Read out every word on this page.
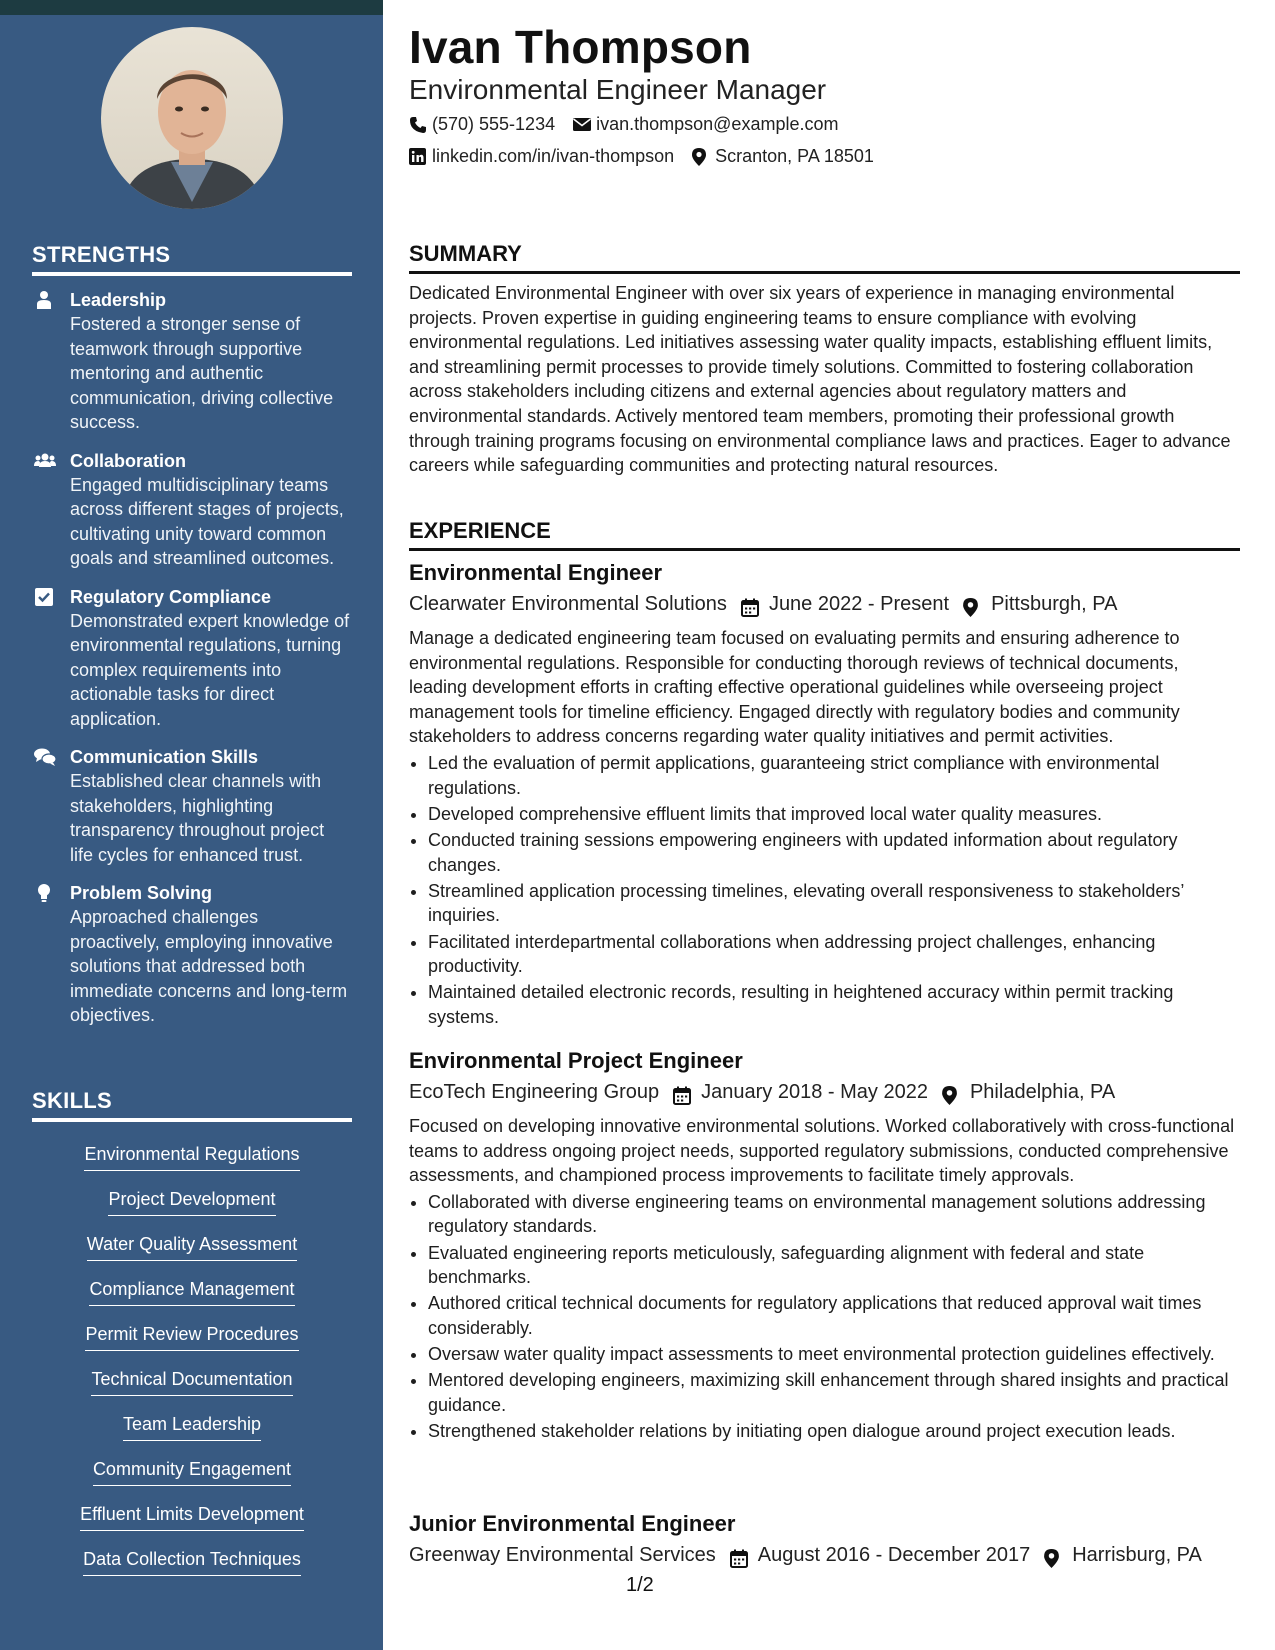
STRENGTHS
Leadership
Fostered a stronger sense of teamwork through supportive mentoring and authentic communication, driving collective success.
Collaboration
Engaged multidisciplinary teams across different stages of projects, cultivating unity toward common goals and streamlined outcomes.
Regulatory Compliance
Demonstrated expert knowledge of environmental regulations, turning complex requirements into actionable tasks for direct application.
Communication Skills
Established clear channels with stakeholders, highlighting transparency throughout project life cycles for enhanced trust.
Problem Solving
Approached challenges proactively, employing innovative solutions that addressed both immediate concerns and long-term objectives.
SKILLS
Environmental Regulations
Project Development
Water Quality Assessment
Compliance Management
Permit Review Procedures
Technical Documentation
Team Leadership
Community Engagement
Effluent Limits Development
Data Collection Techniques
Ivan Thompson
Environmental Engineer Manager
(570) 555-1234 ivan.thompson@example.com
linkedin.com/in/ivan-thompson Scranton, PA 18501
SUMMARY
Dedicated Environmental Engineer with over six years of experience in managing environmental projects. Proven expertise in guiding engineering teams to ensure compliance with evolving environmental regulations. Led initiatives assessing water quality impacts, establishing effluent limits, and streamlining permit processes to provide timely solutions. Committed to fostering collaboration across stakeholders including citizens and external agencies about regulatory matters and environmental standards. Actively mentored team members, promoting their professional growth through training programs focusing on environmental compliance laws and practices. Eager to advance careers while safeguarding communities and protecting natural resources.
EXPERIENCE
Environmental Engineer
Clearwater Environmental Solutions June 2022 - Present Pittsburgh, PA
Manage a dedicated engineering team focused on evaluating permits and ensuring adherence to environmental regulations. Responsible for conducting thorough reviews of technical documents, leading development efforts in crafting effective operational guidelines while overseeing project management tools for timeline efficiency. Engaged directly with regulatory bodies and community stakeholders to address concerns regarding water quality initiatives and permit activities.
• Led the evaluation of permit applications, guaranteeing strict compliance with environmental regulations.
• Developed comprehensive effluent limits that improved local water quality measures.
• Conducted training sessions empowering engineers with updated information about regulatory changes.
• Streamlined application processing timelines, elevating overall responsiveness to stakeholders’ inquiries.
• Facilitated interdepartmental collaborations when addressing project challenges, enhancing productivity.
• Maintained detailed electronic records, resulting in heightened accuracy within permit tracking systems.
Environmental Project Engineer
EcoTech Engineering Group January 2018 - May 2022 Philadelphia, PA
Focused on developing innovative environmental solutions. Worked collaboratively with cross-functional teams to address ongoing project needs, supported regulatory submissions, conducted comprehensive assessments, and championed process improvements to facilitate timely approvals.
• Collaborated with diverse engineering teams on environmental management solutions addressing regulatory standards.
• Evaluated engineering reports meticulously, safeguarding alignment with federal and state benchmarks.
• Authored critical technical documents for regulatory applications that reduced approval wait times considerably.
• Oversaw water quality impact assessments to meet environmental protection guidelines effectively.
• Mentored developing engineers, maximizing skill enhancement through shared insights and practical guidance.
• Strengthened stakeholder relations by initiating open dialogue around project execution leads.
Junior Environmental Engineer
Greenway Environmental Services August 2016 - December 2017 Harrisburg, PA
1/2
